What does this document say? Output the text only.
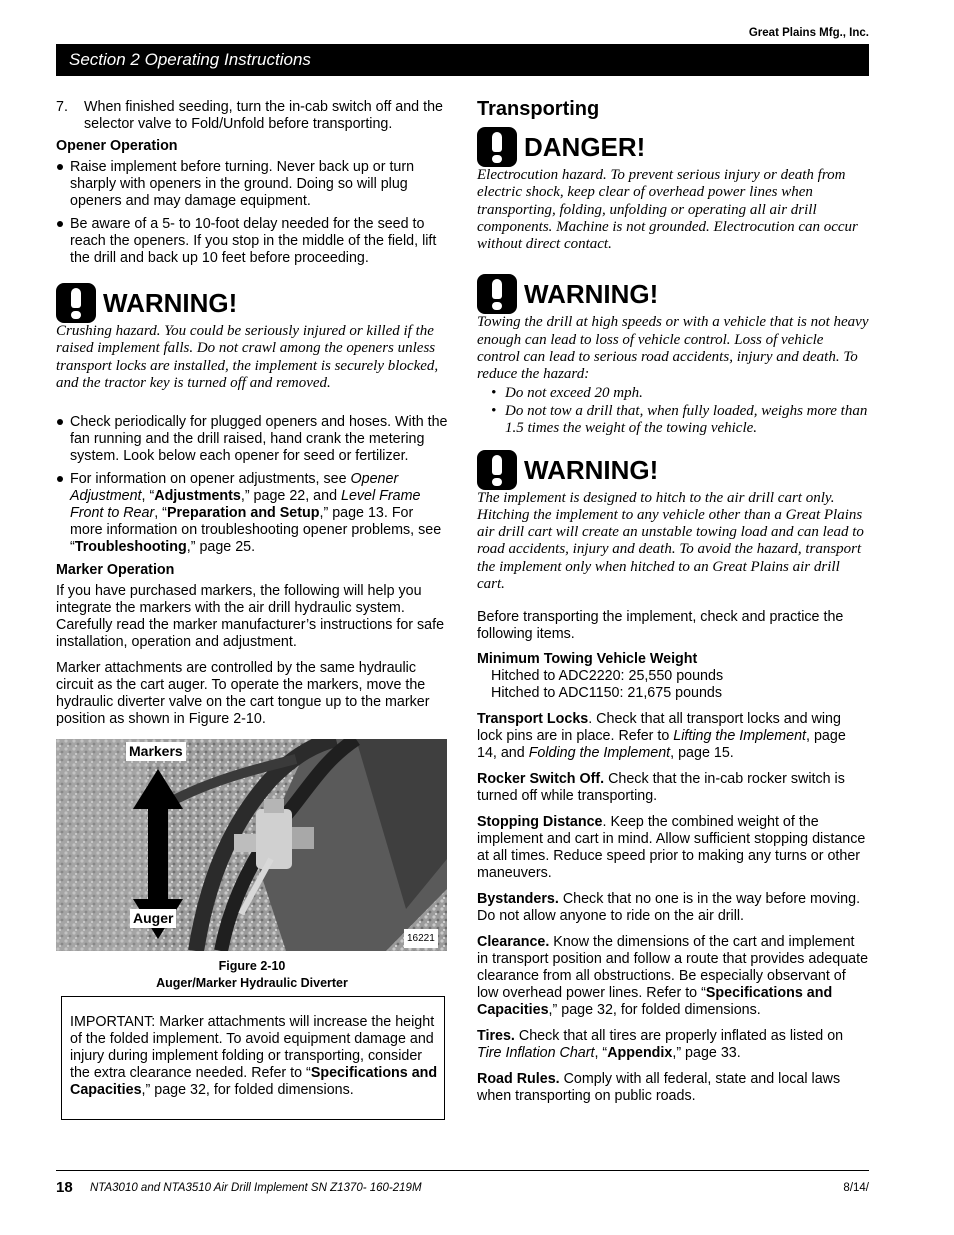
Great Plains Mfg., Inc.
Section 2 Operating Instructions
7. When finished seeding, turn the in-cab switch off and the selector valve to Fold/Unfold before transporting.

Opener Operation

Raise implement before turning. Never back up or turn sharply with openers in the ground. Doing so will plug openers and may damage equipment.

Be aware of a 5- to 10-foot delay needed for the seed to reach the openers. If you stop in the middle of the field, lift the drill and back up 10 feet before proceeding.

WARNING!

Crushing hazard. You could be seriously injured or killed if the raised implement falls. Do not crawl among the openers unless transport locks are installed, the implement is securely blocked, and the tractor key is turned off and removed.

Check periodically for plugged openers and hoses. With the fan running and the drill raised, hand crank the metering system. Look below each opener for seed or fertilizer.

For information on opener adjustments, see Opener Adjustment, “Adjustments,” page 22, and Level Frame Front to Rear, “Preparation and Setup,” page 13. For more information on troubleshooting opener problems, see “Troubleshooting,” page 25.

Marker Operation

If you have purchased markers, the following will help you integrate the markers with the air drill hydraulic system. Carefully read the marker manufacturer’s instructions for safe installation, operation and adjustment.

Marker attachments are controlled by the same hydraulic circuit as the cart auger. To operate the markers, move the hydraulic diverter valve on the cart tongue up to the marker position as shown in Figure 2-10.

Markers
Auger
16221
Figure 2-10
Auger/Marker Hydraulic Diverter

IMPORTANT: Marker attachments will increase the height of the folded implement. To avoid equipment damage and injury during implement folding or transporting, consider the extra clearance needed. Refer to “Specifications and Capacities,” page 32, for folded dimensions.

Transporting

DANGER!

Electrocution hazard. To prevent serious injury or death from electric shock, keep clear of overhead power lines when transporting, folding, unfolding or operating all air drill components. Machine is not grounded. Electrocution can occur without direct contact.

WARNING!

Towing the drill at high speeds or with a vehicle that is not heavy enough can lead to loss of vehicle control. Loss of vehicle control can lead to serious road accidents, injury and death. To reduce the hazard:

• Do not exceed 20 mph.

• Do not tow a drill that, when fully loaded, weighs more than 1.5 times the weight of the towing vehicle.

WARNING!

The implement is designed to hitch to the air drill cart only. Hitching the implement to any vehicle other than a Great Plains air drill cart will create an unstable towing load and can lead to road accidents, injury and death. To avoid the hazard, transport the implement only when hitched to an Great Plains air drill cart.

Before transporting the implement, check and practice the following items.

Minimum Towing Vehicle Weight

Hitched to ADC2220: 25,550 pounds

Hitched to ADC1150: 21,675 pounds

Transport Locks. Check that all transport locks and wing lock pins are in place. Refer to Lifting the Implement, page 14, and Folding the Implement, page 15.

Rocker Switch Off. Check that the in-cab rocker switch is turned off while transporting.

Stopping Distance. Keep the combined weight of the implement and cart in mind. Allow sufficient stopping distance at all times. Reduce speed prior to making any turns or other maneuvers.

Bystanders. Check that no one is in the way before moving. Do not allow anyone to ride on the air drill.

Clearance. Know the dimensions of the cart and implement in transport position and follow a route that provides adequate clearance from all obstructions. Be especially observant of low overhead power lines. Refer to “Specifications and Capacities,” page 32, for folded dimensions.

Tires. Check that all tires are properly inflated as listed on Tire Inflation Chart, “Appendix,” page 33.

Road Rules. Comply with all federal, state and local laws when transporting on public roads.

18 NTA3010 and NTA3510 Air Drill Implement SN Z1370- 160-219M	8/14/
